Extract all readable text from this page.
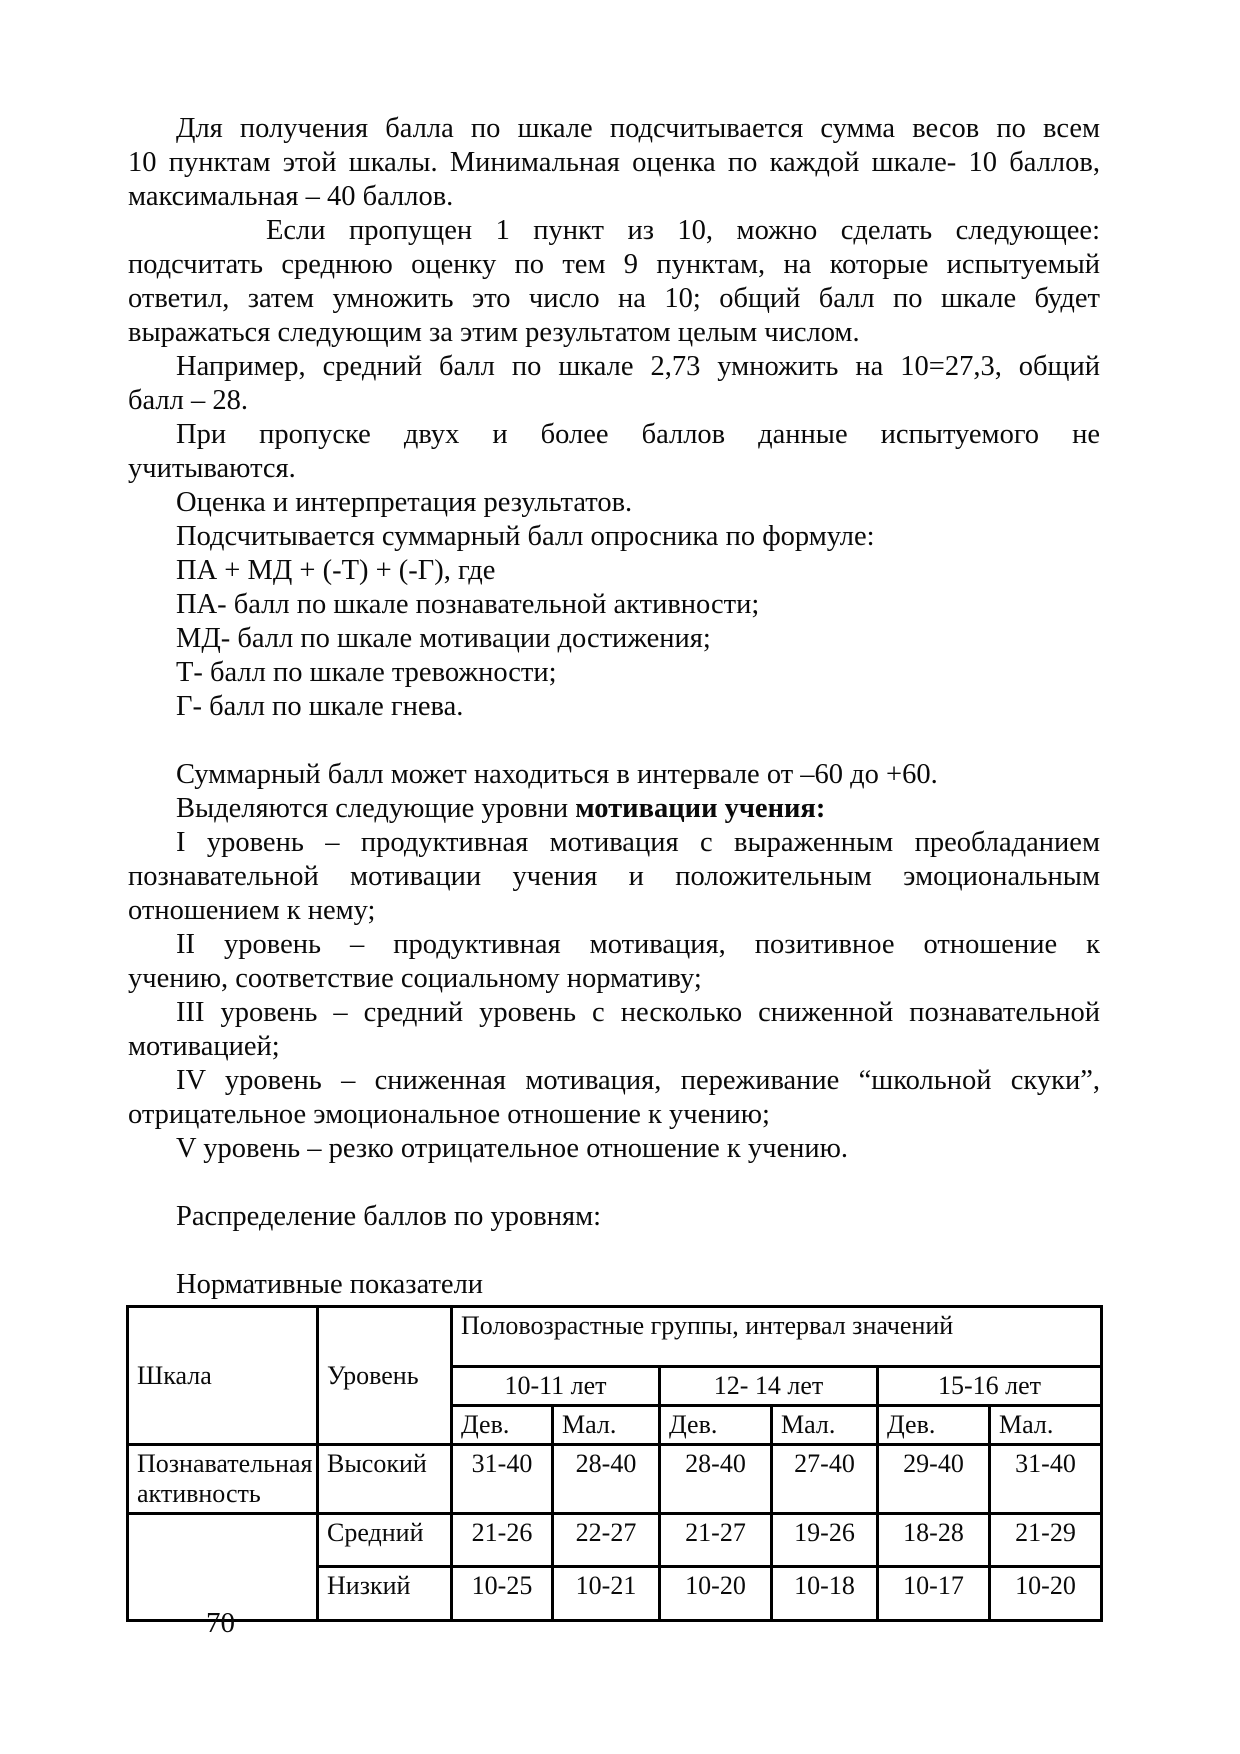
Для получения балла по шкале подсчитывается сумма весов по всем
10 пунктам этой шкалы. Минимальная оценка по каждой шкале- 10 баллов,
максимальная – 40 баллов.

Если пропущен 1 пункт из 10, можно сделать следующее:
подсчитать среднюю оценку по тем 9 пунктам, на которые испытуемый
ответил, затем умножить это число на 10; общий балл по шкале будет
выражаться следующим за этим результатом целым числом.

Например, средний балл по шкале 2,73 умножить на 10=27,3, общий
балл – 28.

При пропуске двух и более баллов данные испытуемого не
учитываются.

Оценка и интерпретация результатов.

Подсчитывается суммарный балл опросника по формуле:

ПА + МД + (-Т) + (-Г), где

ПА- балл по шкале познавательной активности;

МД- балл по шкале мотивации достижения;

Т- балл по шкале тревожности;

Г- балл по шкале гнева.

Суммарный балл может находиться в интервале от –60 до +60.

Выделяются следующие уровни мотивации учения:

I уровень – продуктивная мотивация с выраженным преобладанием
познавательной мотивации учения и положительным эмоциональным
отношением к нему;

II уровень – продуктивная мотивация, позитивное отношение к
учению, соответствие социальному нормативу;

III уровень – средний уровень с несколько сниженной познавательной
мотивацией;

IV уровень – сниженная мотивация, переживание “школьной скуки”,
отрицательное эмоциональное отношение к учению;

V уровень – резко отрицательное отношение к учению.

Распределение баллов по уровням:

Нормативные показатели

Шкала	Уровень	Половозрастные группы, интервал значений					
		10-11 лет		12- 14 лет		15-16 лет	
		Дев.	Мал.	Дев.	Мал.	Дев.	Мал.
Познавательная активность	Высокий	31-40	28-40	28-40	27-40	29-40	31-40
	Средний	21-26	22-27	21-27	19-26	18-28	21-29
	Низкий	10-25	10-21	10-20	10-18	10-17	10-20
70
